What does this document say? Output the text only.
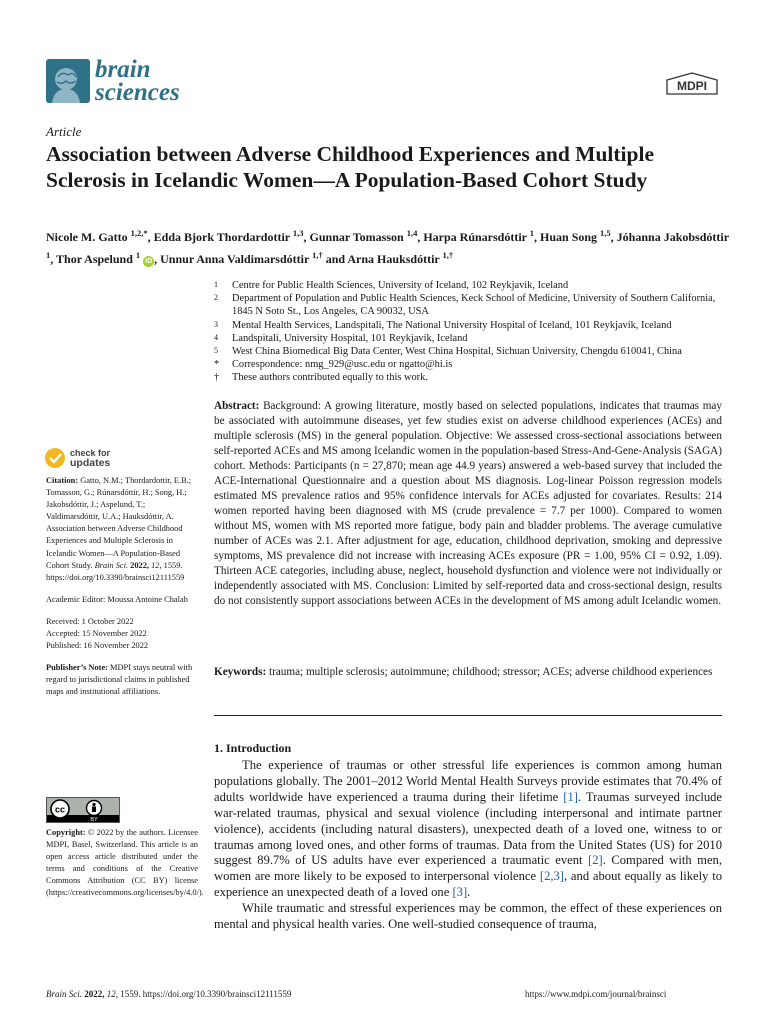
brain
sciences	MDPI
Article
Association between Adverse Childhood Experiences and Multiple Sclerosis in Icelandic Women—A Population-Based Cohort Study
Nicole M. Gatto $^{1,2,*}$, Edda Bjork Thordardottir $^{1,3}$, Gunnar Tomasson $^{1,4}$, Harpa Rúnarsdóttir $^1$, Huan Song $^{1,5}$, Jóhanna Jakobsdóttir $^1$, Thor Aspelund $^1$ iD , Unnur Anna Valdimarsdóttir $^{1,\dagger}$ and Arna Hauksdóttir $^{1,\dagger}$
1	Centre for Public Health Sciences, University of Iceland, 102 Reykjavik, Iceland
2	Department of Population and Public Health Sciences, Keck School of Medicine, University of Southern California, 1845 N Soto St., Los Angeles, CA 90032, USA
3	Mental Health Services, Landspitali, The National University Hospital of Iceland, 101 Reykjavik, Iceland
4	Landspitali, University Hospital, 101 Reykjavik, Iceland
5	West China Biomedical Big Data Center, West China Hospital, Sichuan University, Chengdu 610041, China
*	Correspondence: nmg_929@usc.edu or ngatto@hi.is
†	These authors contributed equally to this work.
Abstract: Background: A growing literature, mostly based on selected populations, indicates that traumas may be associated with autoimmune diseases, yet few studies exist on adverse childhood experiences (ACEs) and multiple sclerosis (MS) in the general population. Objective: We assessed cross-sectional associations between self-reported ACEs and MS among Icelandic women in the population-based Stress-And-Gene-Analysis (SAGA) cohort. Methods: Participants (n = 27,870; mean age 44.9 years) answered a web-based survey that included the ACE-International Questionnaire and a question about MS diagnosis. Log-linear Poisson regression models estimated MS prevalence ratios and 95% confidence intervals for ACEs adjusted for covariates. Results: 214 women reported having been diagnosed with MS (crude prevalence = 7.7 per 1000). Compared to women without MS, women with MS reported more fatigue, body pain and bladder problems. The average cumulative number of ACEs was 2.1. After adjustment for age, education, childhood deprivation, smoking and depressive symptoms, MS prevalence did not increase with increasing ACEs exposure (PR = 1.00, 95% CI = 0.92, 1.09). Thirteen ACE categories, including abuse, neglect, household dysfunction and violence were not individually or independently associated with MS. Conclusion: Limited by self-reported data and cross-sectional design, results do not consistently support associations between ACEs in the development of MS among adult Icelandic women.
Keywords: trauma; multiple sclerosis; autoimmune; childhood; stressor; ACEs; adverse childhood experiences
1. Introduction

The experience of traumas or other stressful life experiences is common among human populations globally. The 2001–2012 World Mental Health Surveys provide estimates that 70.4% of adults worldwide have experienced a trauma during their lifetime [1]. Traumas surveyed include war-related traumas, physical and sexual violence (including interpersonal and intimate partner violence), accidents (including natural disasters), unexpected death of a loved one, witness to or traumas among loved ones, and other forms of traumas. Data from the United States (US) for 2010 suggest 89.7% of US adults have ever experienced a traumatic event [2]. Compared with men, women are more likely to be exposed to interpersonal violence [2,3], and about equally as likely to experience an unexpected death of a loved one [3].

While traumatic and stressful experiences may be common, the effect of these experiences on mental and physical health varies. One well-studied consequence of trauma,

check for
updates
Citation: Gatto, N.M.; Thordardottir, E.B.; Tomasson, G.; Rúnarsdóttir, H.; Song, H.; Jakobsdóttir, J.; Aspelund, T.; Valdimarsdóttir, U.A.; Hauksdóttir, A. Association between Adverse Childhood Experiences and Multiple Sclerosis in Icelandic Women—A Population-Based Cohort Study. Brain Sci. 2022, 12, 1559. https://doi.org/10.3390/brainsci12111559
Academic Editor: Moussa Antoine Chalah
Received: 1 October 2022
Accepted: 15 November 2022
Published: 16 November 2022
Publisher’s Note: MDPI stays neutral with regard to jurisdictional claims in published maps and institutional affiliations.
cc
BY
Copyright: © 2022 by the authors. Licensee MDPI, Basel, Switzerland. This article is an open access article distributed under the terms and conditions of the Creative Commons Attribution (CC BY) license (https://creativecommons.org/licenses/by/4.0/).
Brain Sci. 2022, 12, 1559. https://doi.org/10.3390/brainsci12111559	https://www.mdpi.com/journal/brainsci
